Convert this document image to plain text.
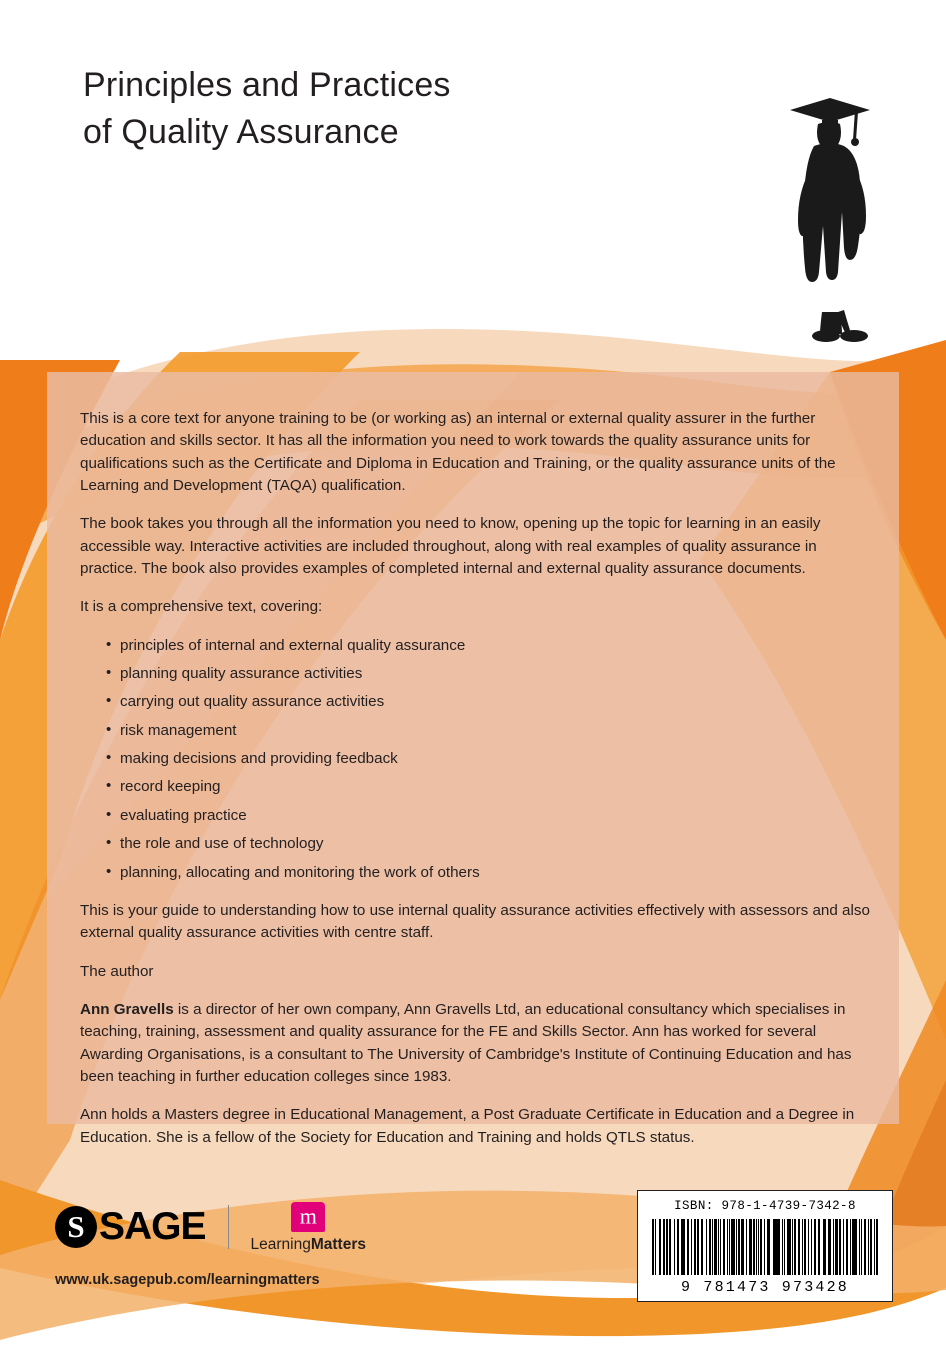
Principles and Practices
of Quality Assurance

This is a core text for anyone training to be (or working as) an internal or external quality assurer in the further education and skills sector. It has all the information you need to work towards the quality assurance units for qualifications such as the Certificate and Diploma in Education and Training, or the quality assurance units of the Learning and Development (TAQA) qualification.

The book takes you through all the information you need to know, opening up the topic for learning in an easily accessible way. Interactive activities are included throughout, along with real examples of quality assurance in practice. The book also provides examples of completed internal and external quality assurance documents.

It is a comprehensive text, covering:

• principles of internal and external quality assurance
• planning quality assurance activities
• carrying out quality assurance activities
• risk management
• making decisions and providing feedback
• record keeping
• evaluating practice
• the role and use of technology
• planning, allocating and monitoring the work of others

This is your guide to understanding how to use internal quality assurance activities effectively with assessors and also external quality assurance activities with centre staff.

The author

Ann Gravells is a director of her own company, Ann Gravells Ltd, an educational consultancy which specialises in teaching, training, assessment and quality assurance for the FE and Skills Sector. Ann has worked for several Awarding Organisations, is a consultant to The University of Cambridge's Institute of Continuing Education and has been teaching in further education colleges since 1983.

Ann holds a Masters degree in Educational Management, a Post Graduate Certificate in Education and a Degree in Education. She is a fellow of the Society for Education and Training and holds QTLS status.

S
SAGE
m	LearningMatters
www.uk.sagepub.com/learningmatters
ISBN: 978-1-4739-7342-8
9 781473 973428
